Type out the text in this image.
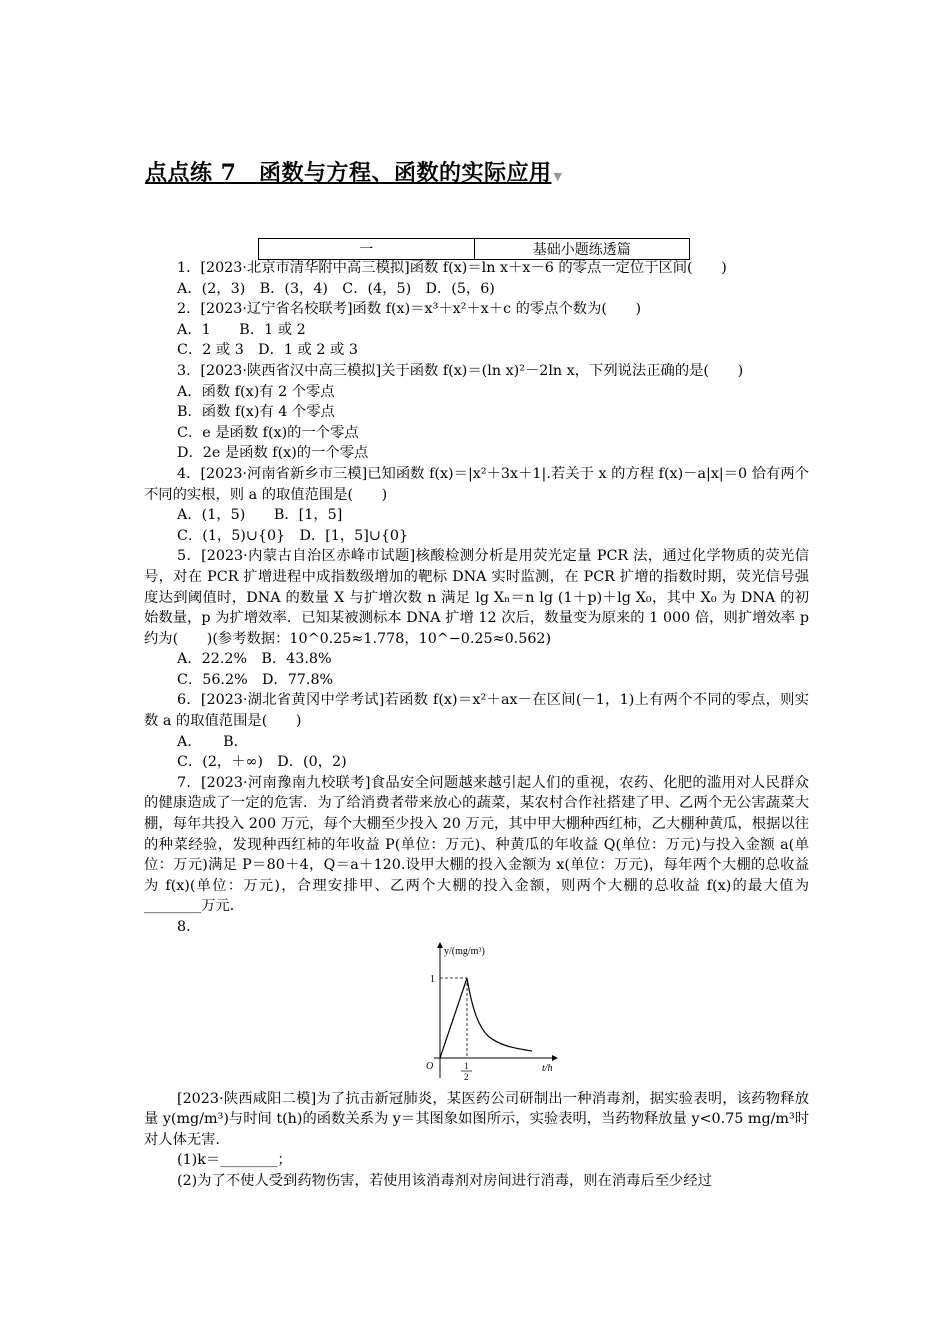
点点练 7　函数与方程、函数的实际应用 ▼
一	基础小题练透篇

1．[2023·北京市清华附中高三模拟]函数 f(x)＝ln x＋x－6 的零点一定位于区间(　　)

A．(2，3)　B．(3，4)　C．(4，5)　D．(5，6)

2．[2023·辽宁省名校联考]函数 f(x)＝x³＋x²＋x＋c 的零点个数为(　　)

A．1　　B．1 或 2

C．2 或 3　D．1 或 2 或 3

3．[2023·陕西省汉中高三模拟]关于函数 f(x)＝(ln x)²－2ln x，下列说法正确的是(　　)

A．函数 f(x)有 2 个零点

B．函数 f(x)有 4 个零点

C．e 是函数 f(x)的一个零点

D．2e 是函数 f(x)的一个零点

4．[2023·河南省新乡市三模]已知函数 f(x)＝|x²＋3x＋1|.若关于 x 的方程 f(x)－a|x|＝0 恰有两个不同的实根，则 a 的取值范围是(　　)

A．(1，5)　　B．[1，5]

C．(1，5)∪{0}　D．[1，5]∪{0}

5．[2023·内蒙古自治区赤峰市试题]核酸检测分析是用荧光定量 PCR 法，通过化学物质的荧光信号，对在 PCR 扩增进程中成指数级增加的靶标 DNA 实时监测，在 PCR 扩增的指数时期，荧光信号强度达到阈值时，DNA 的数量 X 与扩增次数 n 满足 lg Xₙ＝n lg (1＋p)＋lg X₀，其中 X₀ 为 DNA 的初始数量，p 为扩增效率．已知某被测标本 DNA 扩增 12 次后，数量变为原来的 1 000 倍，则扩增效率 p 约为(　　)(参考数据：10^0.25≈1.778，10^−0.25≈0.562)

A．22.2%　B．43.8%

C．56.2%　D．77.8%

6．[2023·湖北省黄冈中学考试]若函数 f(x)＝x²＋ax－在区间(－1，1)上有两个不同的零点，则实数 a 的取值范围是(　　)

A．　　B．

C．(2，＋∞)　D．(0，2)

7．[2023·河南豫南九校联考]食品安全问题越来越引起人们的重视，农药、化肥的滥用对人民群众的健康造成了一定的危害．为了给消费者带来放心的蔬菜，某农村合作社搭建了甲、乙两个无公害蔬菜大棚，每年共投入 200 万元，每个大棚至少投入 20 万元，其中甲大棚种西红柿，乙大棚种黄瓜，根据以往的种菜经验，发现种西红柿的年收益 P(单位：万元)、种黄瓜的年收益 Q(单位：万元)与投入金额 a(单位：万元)满足 P＝80＋4，Q＝a＋120.设甲大棚的投入金额为 x(单位：万元)，每年两个大棚的总收益为 f(x)(单位：万元)，合理安排甲、乙两个大棚的投入金额，则两个大棚的总收益 f(x)的最大值为________万元．

8.

y/(mg/m³)
1
O	1
2
t/h

[2023·陕西咸阳二模]为了抗击新冠肺炎，某医药公司研制出一种消毒剂，据实验表明，该药物释放量 y(mg/m³)与时间 t(h)的函数关系为 y＝其图象如图所示，实验表明，当药物释放量 y<0.75 mg/m³时对人体无害．

(1)k＝________；

(2)为了不使人受到药物伤害，若使用该消毒剂对房间进行消毒，则在消毒后至少经过
